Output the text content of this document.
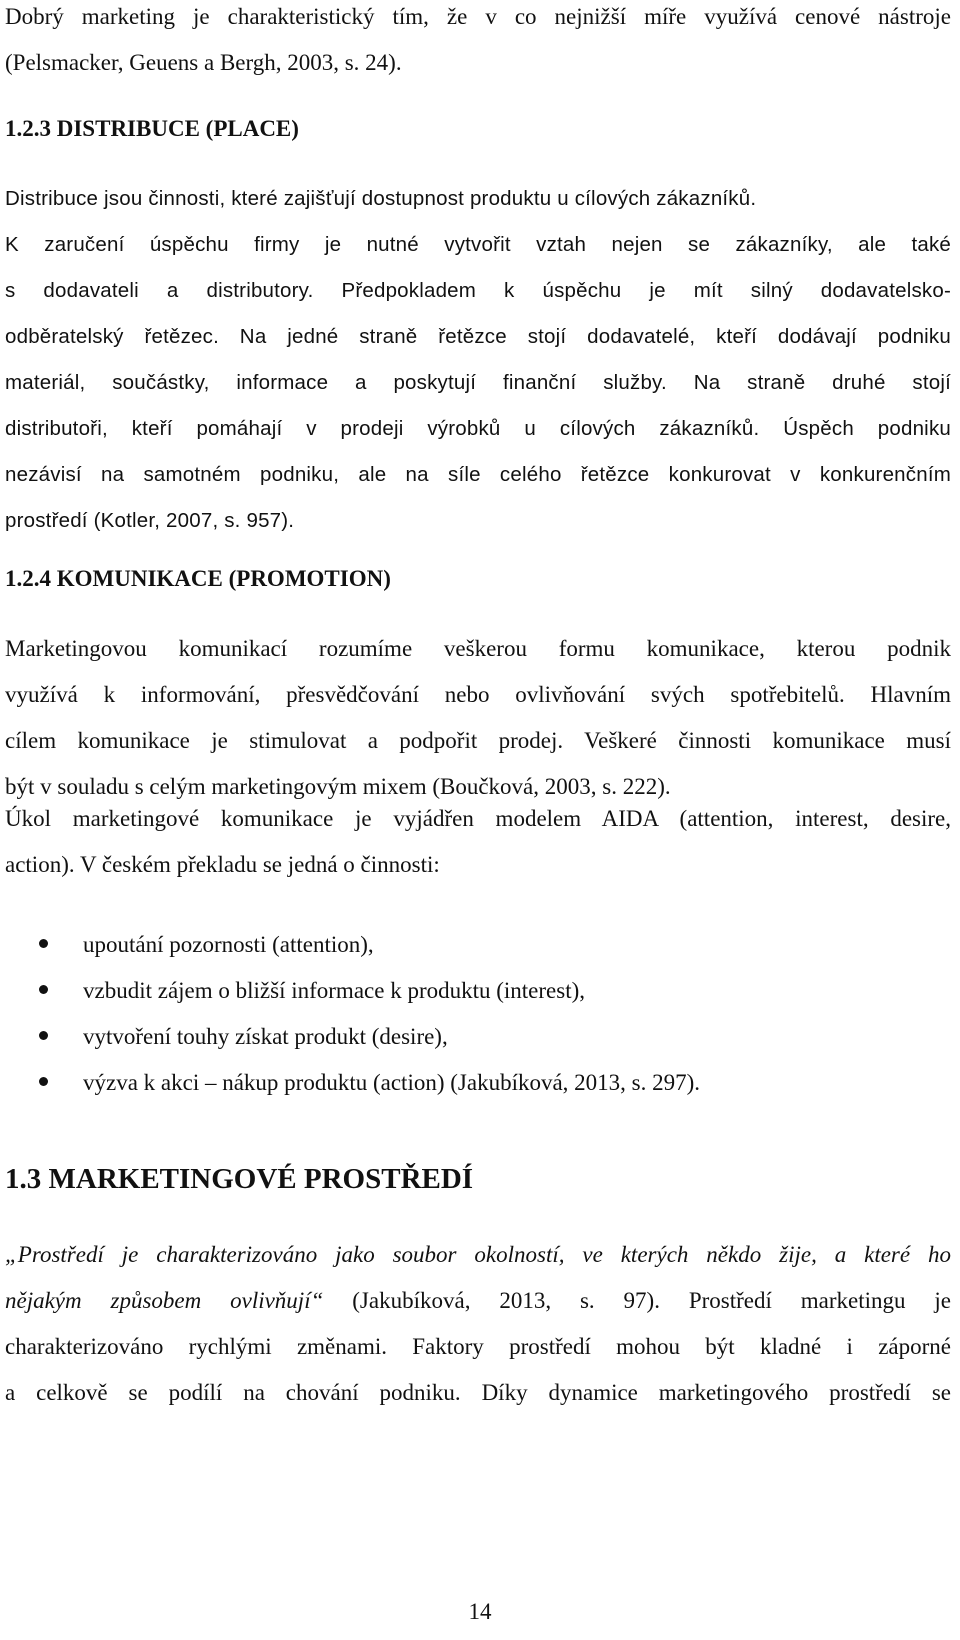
Dobrý marketing je charakteristický tím, že v co nejnižší míře využívá cenové nástroje
(Pelsmacker, Geuens a Bergh, 2003, s. 24).
1.2.3 DISTRIBUCE (PLACE)
Distribuce jsou činnosti, které zajišťují dostupnost produktu u cílových zákazníků.
K zaručení úspěchu firmy je nutné vytvořit vztah nejen se zákazníky, ale také
s dodavateli a distributory. Předpokladem k úspěchu je mít silný dodavatelsko-
odběratelský řetězec. Na jedné straně řetězce stojí dodavatelé, kteří dodávají podniku
materiál, součástky, informace a poskytují finanční služby. Na straně druhé stojí
distributoři, kteří pomáhají v prodeji výrobků u cílových zákazníků. Úspěch podniku
nezávisí na samotném podniku, ale na síle celého řetězce konkurovat v konkurenčním
prostředí (Kotler, 2007, s. 957).
1.2.4 KOMUNIKACE (PROMOTION)
Marketingovou komunikací rozumíme veškerou formu komunikace, kterou podnik
využívá k informování, přesvědčování nebo ovlivňování svých spotřebitelů. Hlavním
cílem komunikace je stimulovat a podpořit prodej. Veškeré činnosti komunikace musí
být v souladu s celým marketingovým mixem (Boučková, 2003, s. 222).
Úkol marketingové komunikace je vyjádřen modelem AIDA (attention, interest, desire,
action). V českém překladu se jedná o činnosti:
upoutání pozornosti (attention),
vzbudit zájem o bližší informace k produktu (interest),
vytvoření touhy získat produkt (desire),
výzva k akci – nákup produktu (action) (Jakubíková, 2013, s. 297).
1.3 MARKETINGOVÉ PROSTŘEDÍ
„Prostředí je charakterizováno jako soubor okolností, ve kterých někdo žije, a které ho
nějakým způsobem ovlivňují“ (Jakubíková, 2013, s. 97). Prostředí marketingu je
charakterizováno rychlými změnami. Faktory prostředí mohou být kladné i záporné
a celkově se podílí na chování podniku. Díky dynamice marketingového prostředí se
14
